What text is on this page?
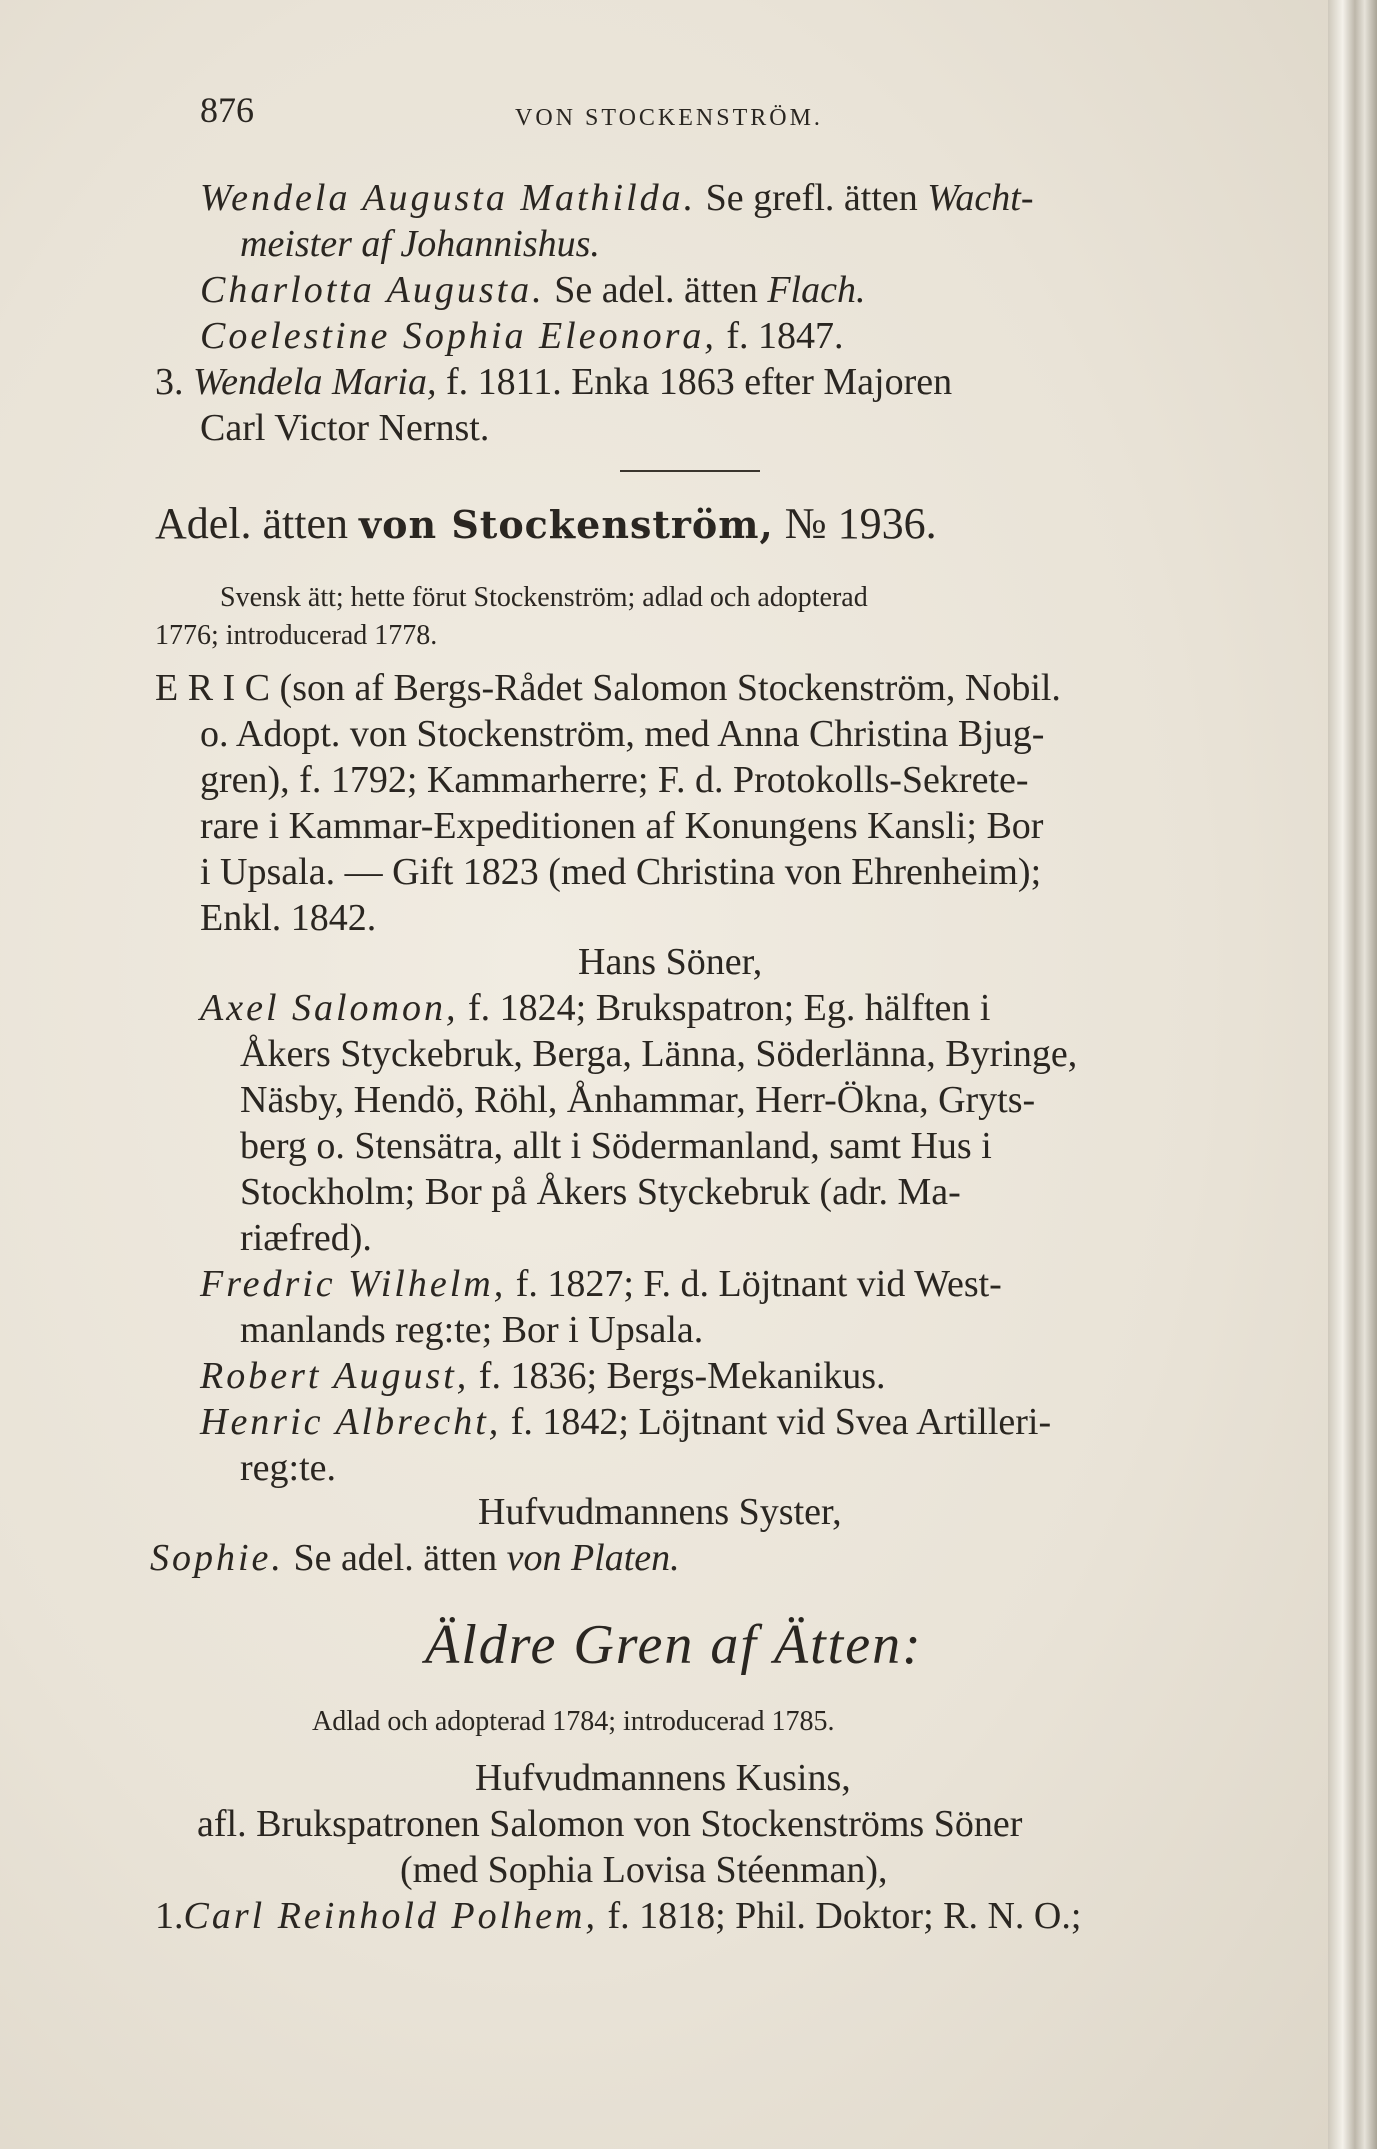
876	VON STOCKENSTRÖM.
Wendela Augusta Mathilda. Se grefl. ätten Wacht-
meister af Johannishus.
Charlotta Augusta. Se adel. ätten Flach.
Coelestine Sophia Eleonora, f. 1847.
3. Wendela Maria, f. 1811. Enka 1863 efter Majoren
Carl Victor Nernst.
Adel. ätten von Stockenström, № 1936.
Svensk ätt; hette förut Stockenström; adlad och adopterad
1776; introducerad 1778.
E R I C (son af Bergs-Rådet Salomon Stockenström, Nobil.
o. Adopt. von Stockenström, med Anna Christina Bjug-
gren), f. 1792; Kammarherre; F. d. Protokolls-Sekrete-
rare i Kammar-Expeditionen af Konungens Kansli; Bor
i Upsala. — Gift 1823 (med Christina von Ehrenheim);
Enkl. 1842.
Hans Söner,
Axel Salomon, f. 1824; Brukspatron; Eg. hälften i
Åkers Styckebruk, Berga, Länna, Söderlänna, Byringe,
Näsby, Hendö, Röhl, Ånhammar, Herr-Ökna, Gryts-
berg o. Stensätra, allt i Södermanland, samt Hus i
Stockholm; Bor på Åkers Styckebruk (adr. Ma-
riæfred).
Fredric Wilhelm, f. 1827; F. d. Löjtnant vid West-
manlands reg:te; Bor i Upsala.
Robert August, f. 1836; Bergs-Mekanikus.
Henric Albrecht, f. 1842; Löjtnant vid Svea Artilleri-
reg:te.
Hufvudmannens Syster,
Sophie. Se adel. ätten von Platen.
Äldre Gren af Ätten:
Adlad och adopterad 1784; introducerad 1785.
Hufvudmannens Kusins,
afl. Brukspatronen Salomon von Stockenströms Söner
(med Sophia Lovisa Stéenman),
1.Carl Reinhold Polhem, f. 1818; Phil. Doktor; R. N. O.;
